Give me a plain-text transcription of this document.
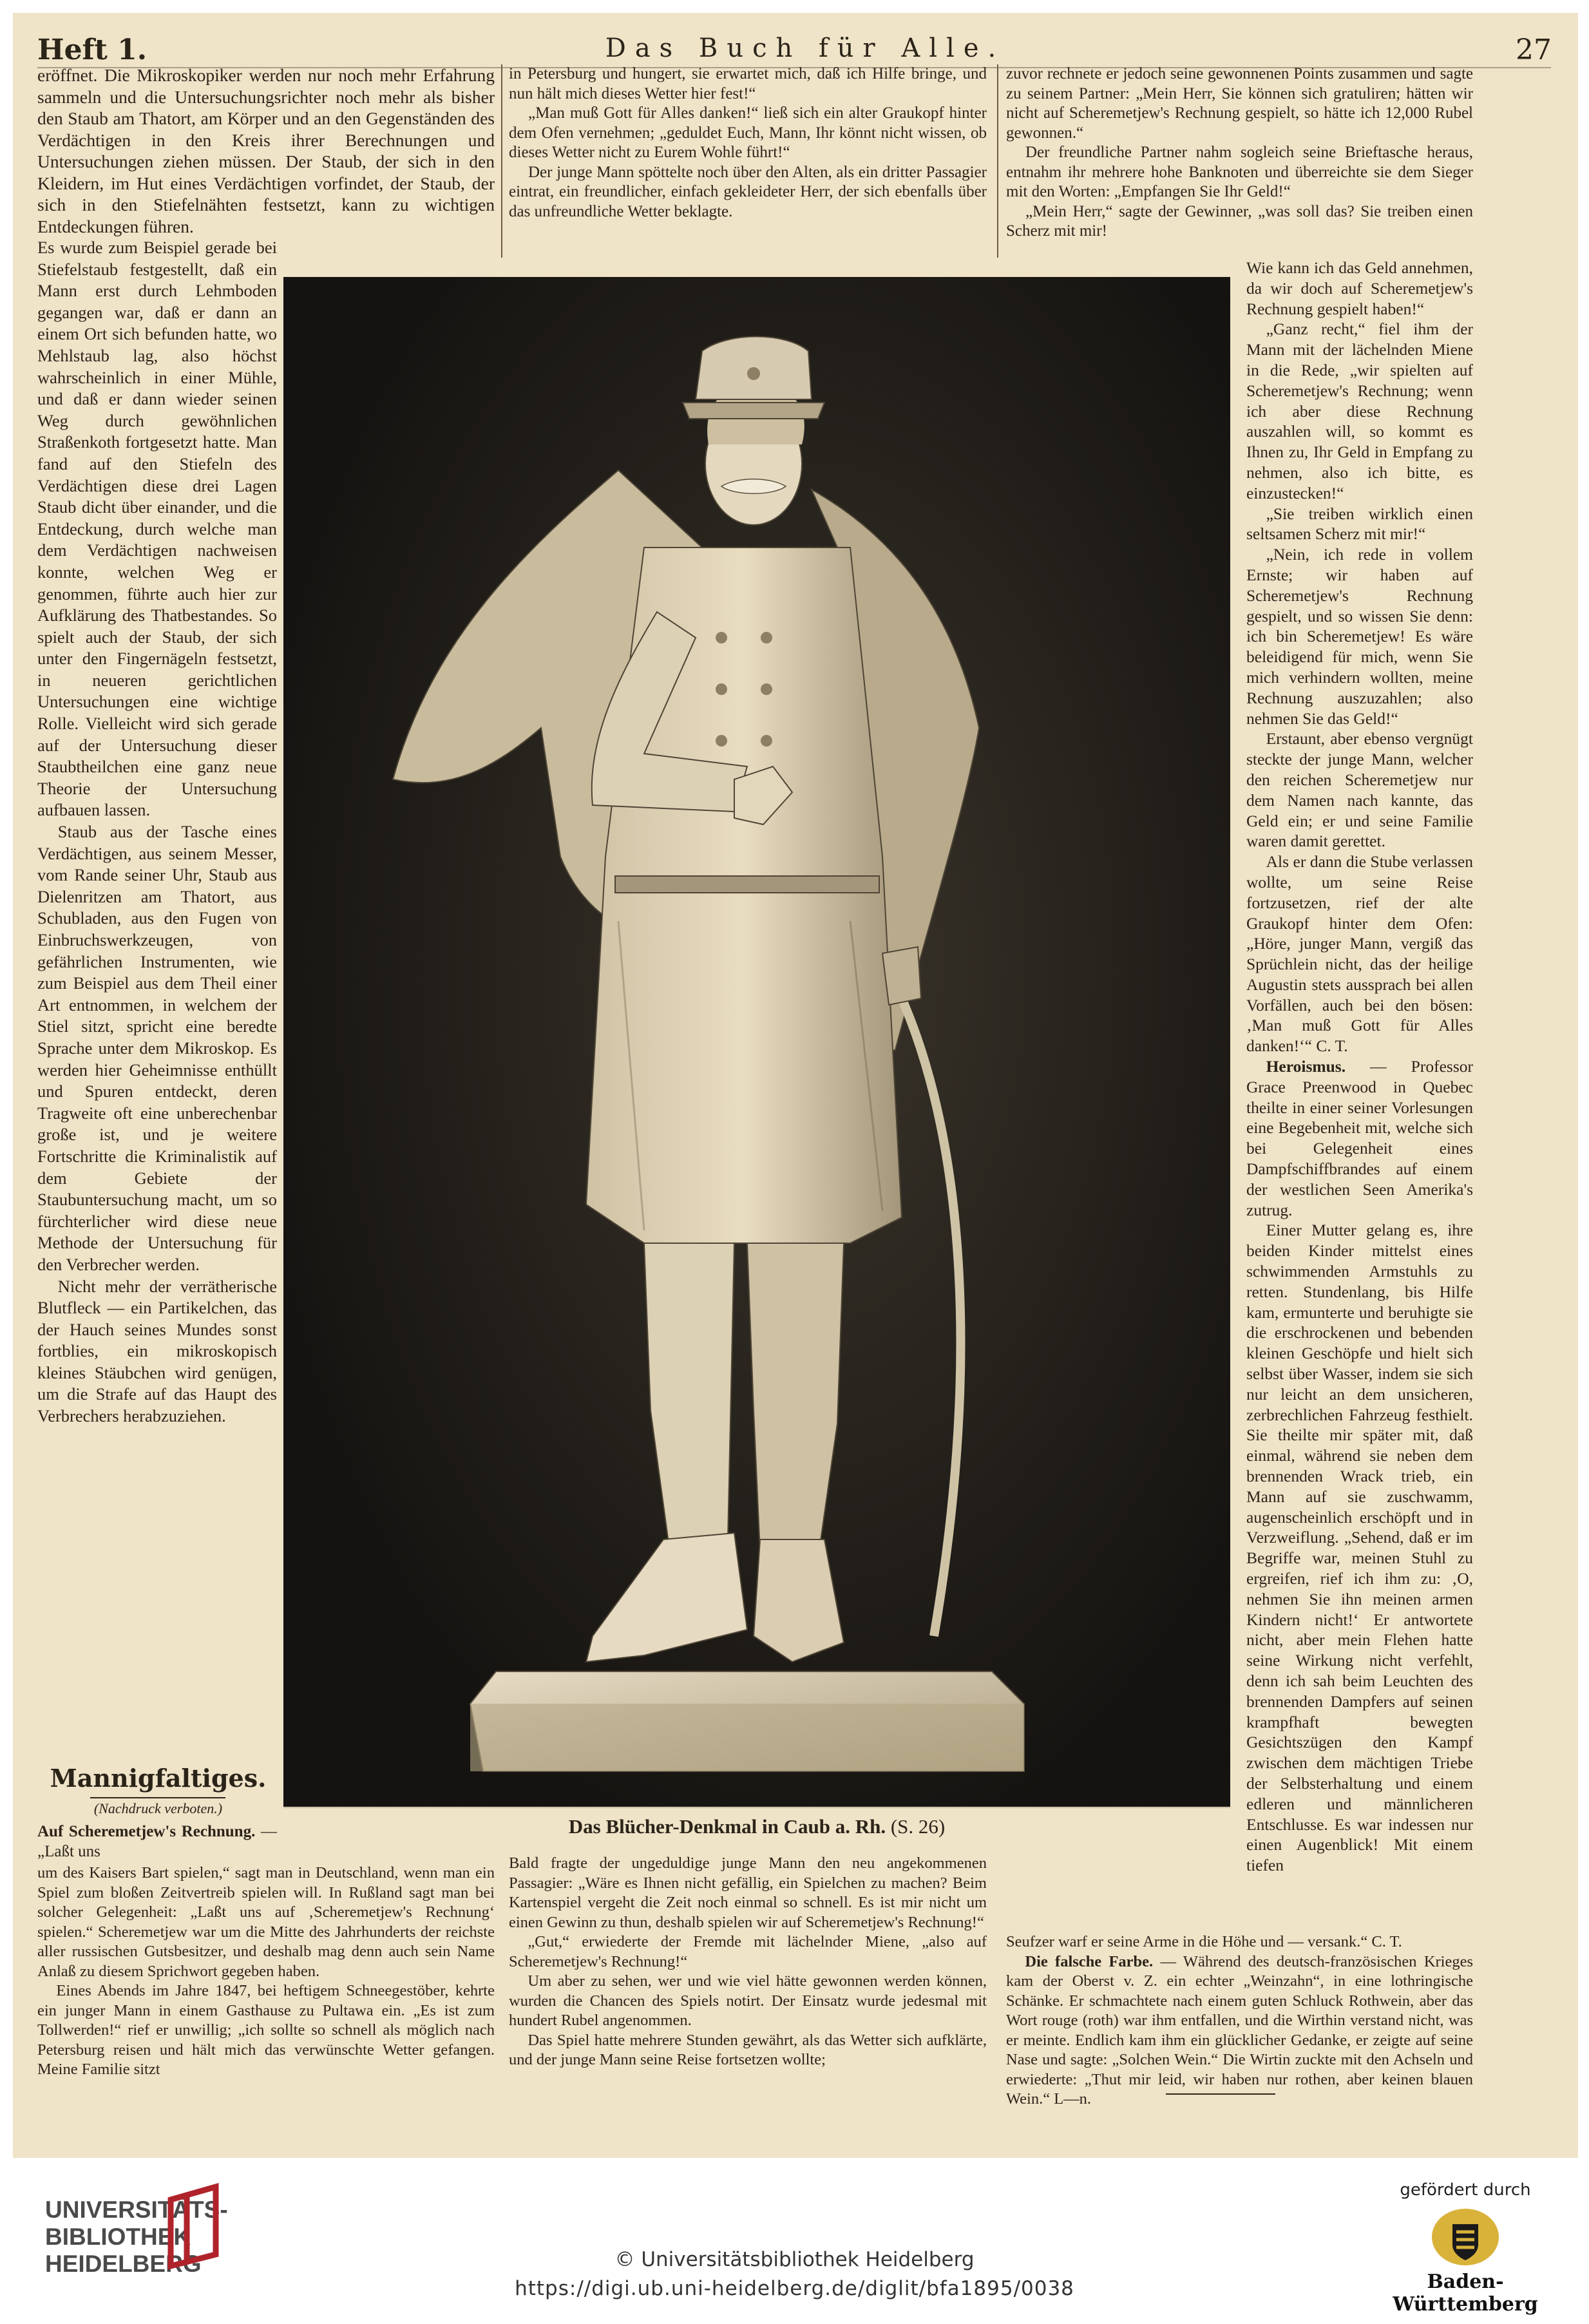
Heft 1.	Das Buch für Alle.	27

eröffnet. Die Mikroskopiker werden nur noch mehr Erfahrung sammeln und die Untersuchungsrichter noch mehr als bisher den Staub am Thatort, am Körper und an den Gegenständen des Verdächtigen in den Kreis ihrer Berechnungen und Untersuchungen ziehen müssen. Der Staub, der sich in den Kleidern, im Hut eines Verdächtigen vorfindet, der Staub, der sich in den Stiefelnähten festsetzt, kann zu wichtigen Entdeckungen führen.

Es wurde zum Beispiel gerade bei Stiefelstaub festgestellt, daß ein Mann erst durch Lehmboden gegangen war, daß er dann an einem Ort sich befunden hatte, wo Mehlstaub lag, also höchst wahrscheinlich in einer Mühle, und daß er dann wieder seinen Weg durch gewöhnlichen Straßenkoth fortgesetzt hatte. Man fand auf den Stiefeln des Verdächtigen diese drei Lagen Staub dicht über einander, und die Entdeckung, durch welche man dem Verdächtigen nachweisen konnte, welchen Weg er genommen, führte auch hier zur Aufklärung des Thatbestandes. So spielt auch der Staub, der sich unter den Fingernägeln festsetzt, in neueren gerichtlichen Untersuchungen eine wichtige Rolle. Vielleicht wird sich gerade auf der Untersuchung dieser Staubtheilchen eine ganz neue Theorie der Untersuchung aufbauen lassen.

Staub aus der Tasche eines Verdächtigen, aus seinem Messer, vom Rande seiner Uhr, Staub aus Dielenritzen am Thatort, aus Schubladen, aus den Fugen von Einbruchswerkzeugen, von gefährlichen Instrumenten, wie zum Beispiel aus dem Theil einer Art entnommen, in welchem der Stiel sitzt, spricht eine beredte Sprache unter dem Mikroskop. Es werden hier Geheimnisse enthüllt und Spuren entdeckt, deren Tragweite oft eine unberechenbar große ist, und je weitere Fortschritte die Kriminalistik auf dem Gebiete der Staubuntersuchung macht, um so fürchterlicher wird diese neue Methode der Untersuchung für den Verbrecher werden.

Nicht mehr der verrätherische Blutfleck — ein Partikelchen, das der Hauch seines Mundes sonst fortblies, ein mikroskopisch kleines Stäubchen wird genügen, um die Strafe auf das Haupt des Verbrechers herabzuziehen.

in Petersburg und hungert, sie erwartet mich, daß ich Hilfe bringe, und nun hält mich dieses Wetter hier fest!“

„Man muß Gott für Alles danken!“ ließ sich ein alter Graukopf hinter dem Ofen vernehmen; „geduldet Euch, Mann, Ihr könnt nicht wissen, ob dieses Wetter nicht zu Eurem Wohle führt!“

Der junge Mann spöttelte noch über den Alten, als ein dritter Passagier eintrat, ein freundlicher, einfach gekleideter Herr, der sich ebenfalls über das unfreundliche Wetter beklagte.

zuvor rechnete er jedoch seine gewonnenen Points zusammen und sagte zu seinem Partner: „Mein Herr, Sie können sich gratuliren; hätten wir nicht auf Scheremetjew's Rechnung gespielt, so hätte ich 12,000 Rubel gewonnen.“

Der freundliche Partner nahm sogleich seine Brieftasche heraus, entnahm ihr mehrere hohe Banknoten und überreichte sie dem Sieger mit den Worten: „Empfangen Sie Ihr Geld!“

„Mein Herr,“ sagte der Gewinner, „was soll das? Sie treiben einen Scherz mit mir!

Wie kann ich das Geld annehmen, da wir doch auf Scheremetjew's Rechnung gespielt haben!“

„Ganz recht,“ fiel ihm der Mann mit der lächelnden Miene in die Rede, „wir spielten auf Scheremetjew's Rechnung; wenn ich aber diese Rechnung auszahlen will, so kommt es Ihnen zu, Ihr Geld in Empfang zu nehmen, also ich bitte, es einzustecken!“

„Sie treiben wirklich einen seltsamen Scherz mit mir!“

„Nein, ich rede in vollem Ernste; wir haben auf Scheremetjew's Rechnung gespielt, und so wissen Sie denn: ich bin Scheremetjew! Es wäre beleidigend für mich, wenn Sie mich verhindern wollten, meine Rechnung auszuzahlen; also nehmen Sie das Geld!“

Erstaunt, aber ebenso vergnügt steckte der junge Mann, welcher den reichen Scheremetjew nur dem Namen nach kannte, das Geld ein; er und seine Familie waren damit gerettet.

Als er dann die Stube verlassen wollte, um seine Reise fortzusetzen, rief der alte Graukopf hinter dem Ofen: „Höre, junger Mann, vergiß das Sprüchlein nicht, das der heilige Augustin stets aussprach bei allen Vorfällen, auch bei den bösen: ‚Man muß Gott für Alles danken!‘“ C. T.

Heroismus. — Professor Grace Preenwood in Quebec theilte in einer seiner Vorlesungen eine Begebenheit mit, welche sich bei Gelegenheit eines Dampfschiffbrandes auf einem der westlichen Seen Amerika's zutrug.

Einer Mutter gelang es, ihre beiden Kinder mittelst eines schwimmenden Armstuhls zu retten. Stundenlang, bis Hilfe kam, ermunterte und beruhigte sie die erschrockenen und bebenden kleinen Geschöpfe und hielt sich selbst über Wasser, indem sie sich nur leicht an dem unsicheren, zerbrechlichen Fahrzeug festhielt. Sie theilte mir später mit, daß einmal, während sie neben dem brennenden Wrack trieb, ein Mann auf sie zuschwamm, augenscheinlich erschöpft und in Verzweiflung. „Sehend, daß er im Begriffe war, meinen Stuhl zu ergreifen, rief ich ihm zu: ‚O, nehmen Sie ihn meinen armen Kindern nicht!‘ Er antwortete nicht, aber mein Flehen hatte seine Wirkung nicht verfehlt, denn ich sah beim Leuchten des brennenden Dampfers auf seinen krampfhaft bewegten Gesichtszügen den Kampf zwischen dem mächtigen Triebe der Selbsterhaltung und einem edleren und männlicheren Entschlusse. Es war indessen nur einen Augenblick! Mit einem tiefen

Das Blücher-Denkmal in Caub a. Rh. (S. 26)
Mannigfaltiges.
(Nachdruck verboten.)

Auf Scheremetjew's Rechnung. — „Laßt uns

um des Kaisers Bart spielen,“ sagt man in Deutschland, wenn man ein Spiel zum bloßen Zeitvertreib spielen will. In Rußland sagt man bei solcher Gelegenheit: „Laßt uns auf ‚Scheremetjew's Rechnung‘ spielen.“ Scheremetjew war um die Mitte des Jahrhunderts der reichste aller russischen Gutsbesitzer, und deshalb mag denn auch sein Name Anlaß zu diesem Sprichwort gegeben haben.

Eines Abends im Jahre 1847, bei heftigem Schneegestöber, kehrte ein junger Mann in einem Gasthause zu Pultawa ein. „Es ist zum Tollwerden!“ rief er unwillig; „ich sollte so schnell als möglich nach Petersburg reisen und hält mich das verwünschte Wetter gefangen. Meine Familie sitzt

Bald fragte der ungeduldige junge Mann den neu angekommenen Passagier: „Wäre es Ihnen nicht gefällig, ein Spielchen zu machen? Beim Kartenspiel vergeht die Zeit noch einmal so schnell. Es ist mir nicht um einen Gewinn zu thun, deshalb spielen wir auf Scheremetjew's Rechnung!“

„Gut,“ erwiederte der Fremde mit lächelnder Miene, „also auf Scheremetjew's Rechnung!“

Um aber zu sehen, wer und wie viel hätte gewonnen werden können, wurden die Chancen des Spiels notirt. Der Einsatz wurde jedesmal mit hundert Rubel angenommen.

Das Spiel hatte mehrere Stunden gewährt, als das Wetter sich aufklärte, und der junge Mann seine Reise fortsetzen wollte;

Seufzer warf er seine Arme in die Höhe und — versank.“ C. T.

Die falsche Farbe. — Während des deutsch-französischen Krieges kam der Oberst v. Z. ein echter „Weinzahn“, in eine lothringische Schänke. Er schmachtete nach einem guten Schluck Rothwein, aber das Wort rouge (roth) war ihm entfallen, und die Wirthin verstand nicht, was er meinte. Endlich kam ihm ein glücklicher Gedanke, er zeigte auf seine Nase und sagte: „Solchen Wein.“ Die Wirtin zuckte mit den Achseln und erwiederte: „Thut mir leid, wir haben nur rothen, aber keinen blauen Wein.“ L—n.

UNIVERSITÄTS-
BIBLIOTHEK
HEIDELBERG	© Universitätsbibliothek Heidelberg
https://digi.ub.uni-heidelberg.de/diglit/bfa1895/0038
gefördert durch
Baden-Württemberg
